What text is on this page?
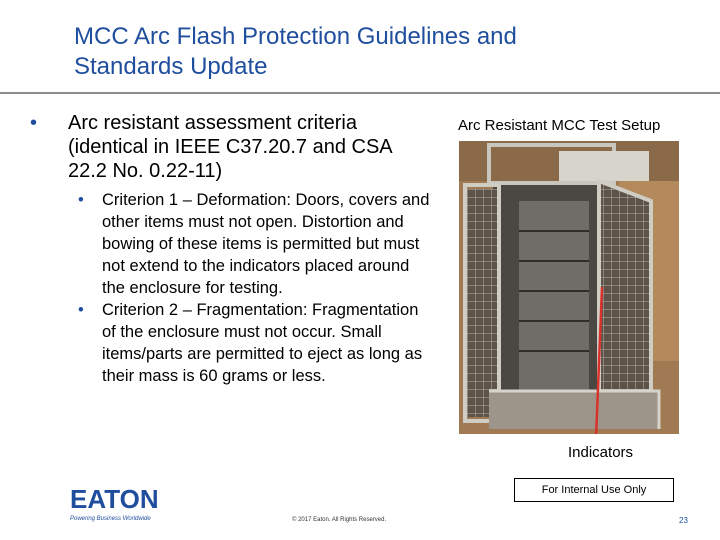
MCC Arc Flash Protection Guidelines and
Standards Update
• Arc resistant assessment criteria (identical in IEEE C37.20.7 and CSA 22.2 No. 0.22-11)
• Criterion 1 – Deformation: Doors, covers and other items must not open. Distortion and bowing of these items is permitted but must not extend to the indicators placed around the enclosure for testing.
• Criterion 2 – Fragmentation: Fragmentation of the enclosure must not occur. Small items/parts are permitted to eject as long as their mass is 60 grams or less.
Arc Resistant MCC Test Setup
Indicators
EATON
Powering Business Worldwide	© 2017 Eaton. All Rights Reserved.
For Internal Use Only
23
